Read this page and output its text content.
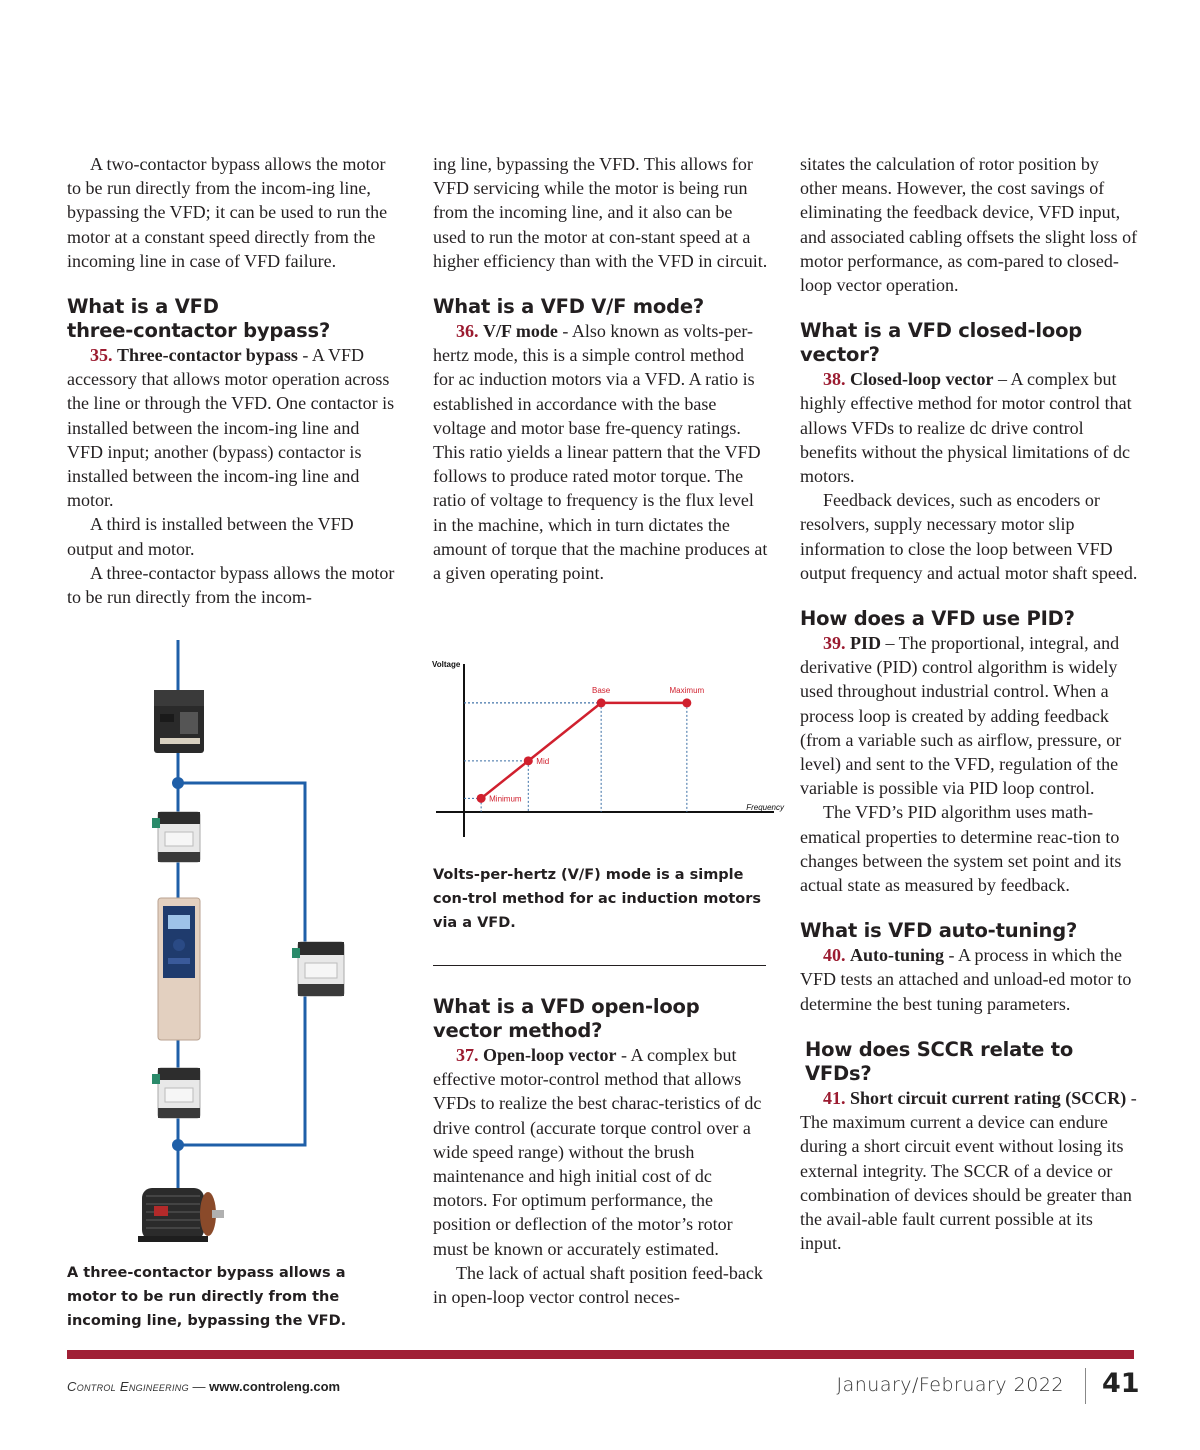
A two-contactor bypass allows the motor to be run directly from the incom-ing line, bypassing the VFD; it can be used to run the motor at a constant speed directly from the incoming line in case of VFD failure.

What is a VFD
three-contactor bypass?

35. Three-contactor bypass - A VFD accessory that allows motor operation across the line or through the VFD. One contactor is installed between the incom-ing line and VFD input; another (bypass) contactor is installed between the incom-ing line and motor.

A third is installed between the VFD output and motor.

A three-contactor bypass allows the motor to be run directly from the incom-

A three-contactor bypass allows a motor to be run directly from the incoming line, bypassing the VFD.

ing line, bypassing the VFD. This allows for VFD servicing while the motor is being run from the incoming line, and it also can be used to run the motor at con-stant speed at a higher efficiency than with the VFD in circuit.

What is a VFD V/F mode?

36. V/F mode - Also known as volts-per-hertz mode, this is a simple control method for ac induction motors via a VFD. A ratio is established in accordance with the base voltage and motor base fre-quency ratings. This ratio yields a linear pattern that the VFD follows to produce rated motor torque. The ratio of voltage to frequency is the flux level in the machine, which in turn dictates the amount of torque that the machine produces at a given operating point.

Voltage
Frequency
Minimum
Mid
Base	Maximum
Volts-per-hertz (V/F) mode is a simple con-trol method for ac induction motors via a VFD.
What is a VFD open-loop
vector method?

37. Open-loop vector - A complex but effective motor-control method that allows VFDs to realize the best charac-teristics of dc drive control (accurate torque control over a wide speed range) without the brush maintenance and high initial cost of dc motors. For optimum performance, the position or deflection of the motor’s rotor must be known or accurately estimated.

The lack of actual shaft position feed-back in open-loop vector control neces-

sitates the calculation of rotor position by other means. However, the cost savings of eliminating the feedback device, VFD input, and associated cabling offsets the slight loss of motor performance, as com-pared to closed-loop vector operation.

What is a VFD closed-loop
vector?

38. Closed-loop vector – A complex but highly effective method for motor control that allows VFDs to realize dc drive control benefits without the physical limitations of dc motors.

Feedback devices, such as encoders or resolvers, supply necessary motor slip information to close the loop between VFD output frequency and actual motor shaft speed.

How does a VFD use PID?

39. PID – The proportional, integral, and derivative (PID) control algorithm is widely used throughout industrial control. When a process loop is created by adding feedback (from a variable such as airflow, pressure, or level) and sent to the VFD, regulation of the variable is possible via PID loop control.

The VFD’s PID algorithm uses math-ematical properties to determine reac-tion to changes between the system set point and its actual state as measured by feedback.

What is VFD auto-tuning?

40. Auto-tuning - A process in which the VFD tests an attached and unload-ed motor to determine the best tuning parameters.

How does SCCR relate to VFDs?

41. Short circuit current rating (SCCR) - The maximum current a device can endure during a short circuit event without losing its external integrity. The SCCR of a device or combination of devices should be greater than the avail-able fault current possible at its input.

Control Engineering — www.controleng.com	January/February 2022 41
